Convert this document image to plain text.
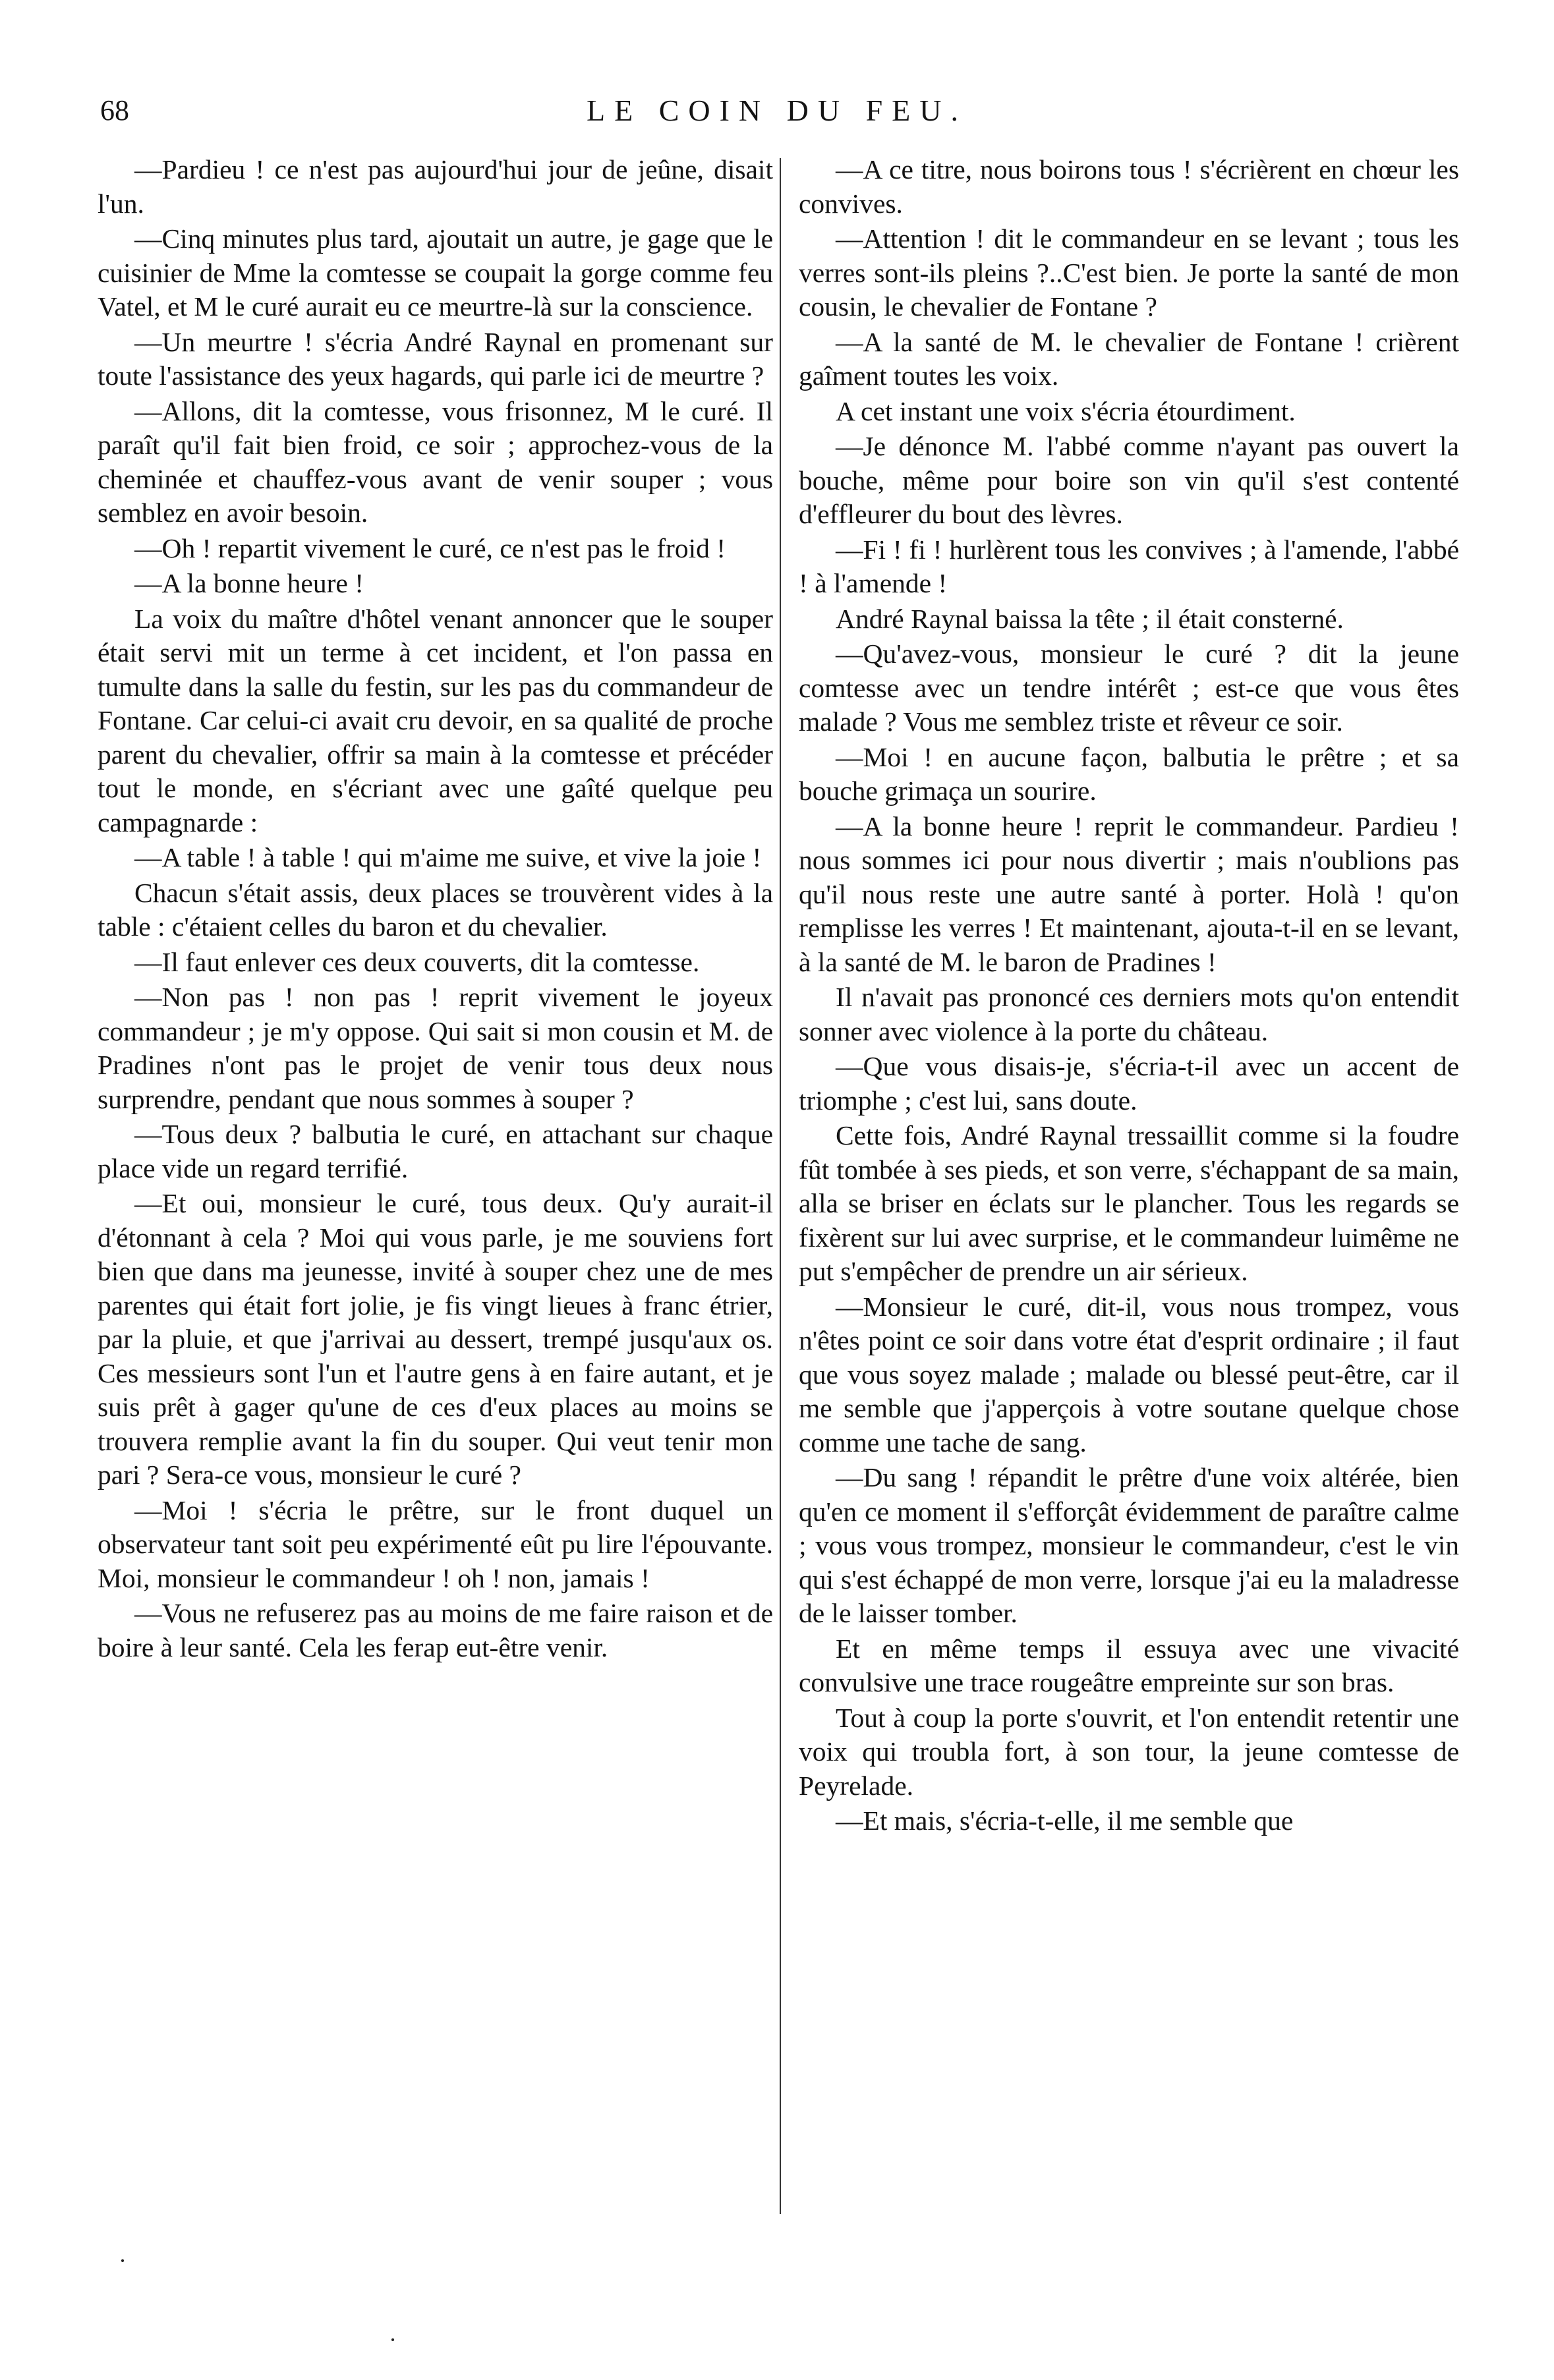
68	LE COIN DU FEU.

—Pardieu ! ce n'est pas aujourd'hui jour de jeûne, disait l'un.

—Cinq minutes plus tard, ajoutait un autre, je gage que le cuisinier de Mme la comtesse se coupait la gorge comme feu Vatel, et M le curé aurait eu ce meurtre-là sur la conscience.

—Un meurtre ! s'écria André Raynal en promenant sur toute l'assistance des yeux hagards, qui parle ici de meurtre ?

—Allons, dit la comtesse, vous frisonnez, M le curé. Il paraît qu'il fait bien froid, ce soir ; approchez-vous de la cheminée et chauffez-vous avant de venir souper ; vous semblez en avoir besoin.

—Oh ! repartit vivement le curé, ce n'est pas le froid !

—A la bonne heure !

La voix du maître d'hôtel venant annoncer que le souper était servi mit un terme à cet incident, et l'on passa en tumulte dans la salle du festin, sur les pas du commandeur de Fontane. Car celui-ci avait cru devoir, en sa qualité de proche parent du chevalier, offrir sa main à la comtesse et précéder tout le monde, en s'écriant avec une gaîté quelque peu campagnarde :

—A table ! à table ! qui m'aime me suive, et vive la joie !

Chacun s'était assis, deux places se trouvèrent vides à la table : c'étaient celles du baron et du chevalier.

—Il faut enlever ces deux couverts, dit la comtesse.

—Non pas ! non pas ! reprit vivement le joyeux commandeur ; je m'y oppose. Qui sait si mon cousin et M. de Pradines n'ont pas le projet de venir tous deux nous surprendre, pendant que nous sommes à souper ?

—Tous deux ? balbutia le curé, en attachant sur chaque place vide un regard terrifié.

—Et oui, monsieur le curé, tous deux. Qu'y aurait-il d'étonnant à cela ? Moi qui vous parle, je me souviens fort bien que dans ma jeunesse, invité à souper chez une de mes parentes qui était fort jolie, je fis vingt lieues à franc étrier, par la pluie, et que j'arrivai au dessert, trempé jusqu'aux os. Ces messieurs sont l'un et l'autre gens à en faire autant, et je suis prêt à gager qu'une de ces d'eux places au moins se trouvera remplie avant la fin du souper. Qui veut tenir mon pari ? Sera-ce vous, monsieur le curé ?

—Moi ! s'écria le prêtre, sur le front duquel un observateur tant soit peu expérimenté eût pu lire l'épouvante. Moi, monsieur le commandeur ! oh ! non, jamais !

—Vous ne refuserez pas au moins de me faire raison et de boire à leur santé. Cela les ferap eut-être venir.

—A ce titre, nous boirons tous ! s'écrièrent en chœur les convives.

—Attention ! dit le commandeur en se levant ; tous les verres sont-ils pleins ?..C'est bien. Je porte la santé de mon cousin, le chevalier de Fontane ?

—A la santé de M. le chevalier de Fontane ! crièrent gaîment toutes les voix.

A cet instant une voix s'écria étourdiment.

—Je dénonce M. l'abbé comme n'ayant pas ouvert la bouche, même pour boire son vin qu'il s'est contenté d'effleurer du bout des lèvres.

—Fi ! fi ! hurlèrent tous les convives ; à l'amende, l'abbé ! à l'amende !

André Raynal baissa la tête ; il était consterné.

—Qu'avez-vous, monsieur le curé ? dit la jeune comtesse avec un tendre intérêt ; est-ce que vous êtes malade ? Vous me semblez triste et rêveur ce soir.

—Moi ! en aucune façon, balbutia le prêtre ; et sa bouche grimaça un sourire.

—A la bonne heure ! reprit le commandeur. Pardieu ! nous sommes ici pour nous divertir ; mais n'oublions pas qu'il nous reste une autre santé à porter. Holà ! qu'on remplisse les verres ! Et maintenant, ajouta-t-il en se levant, à la santé de M. le baron de Pradines !

Il n'avait pas prononcé ces derniers mots qu'on entendit sonner avec violence à la porte du château.

—Que vous disais-je, s'écria-t-il avec un accent de triomphe ; c'est lui, sans doute.

Cette fois, André Raynal tressaillit comme si la foudre fût tombée à ses pieds, et son verre, s'échappant de sa main, alla se briser en éclats sur le plancher. Tous les regards se fixèrent sur lui avec surprise, et le commandeur luimême ne put s'empêcher de prendre un air sérieux.

—Monsieur le curé, dit-il, vous nous trompez, vous n'êtes point ce soir dans votre état d'esprit ordinaire ; il faut que vous soyez malade ; malade ou blessé peut-être, car il me semble que j'apperçois à votre soutane quelque chose comme une tache de sang.

—Du sang ! répandit le prêtre d'une voix altérée, bien qu'en ce moment il s'efforçât évidemment de paraître calme ; vous vous trompez, monsieur le commandeur, c'est le vin qui s'est échappé de mon verre, lorsque j'ai eu la maladresse de le laisser tomber.

Et en même temps il essuya avec une vivacité convulsive une trace rougeâtre empreinte sur son bras.

Tout à coup la porte s'ouvrit, et l'on entendit retentir une voix qui troubla fort, à son tour, la jeune comtesse de Peyrelade.

—Et mais, s'écria-t-elle, il me semble que

·
·
